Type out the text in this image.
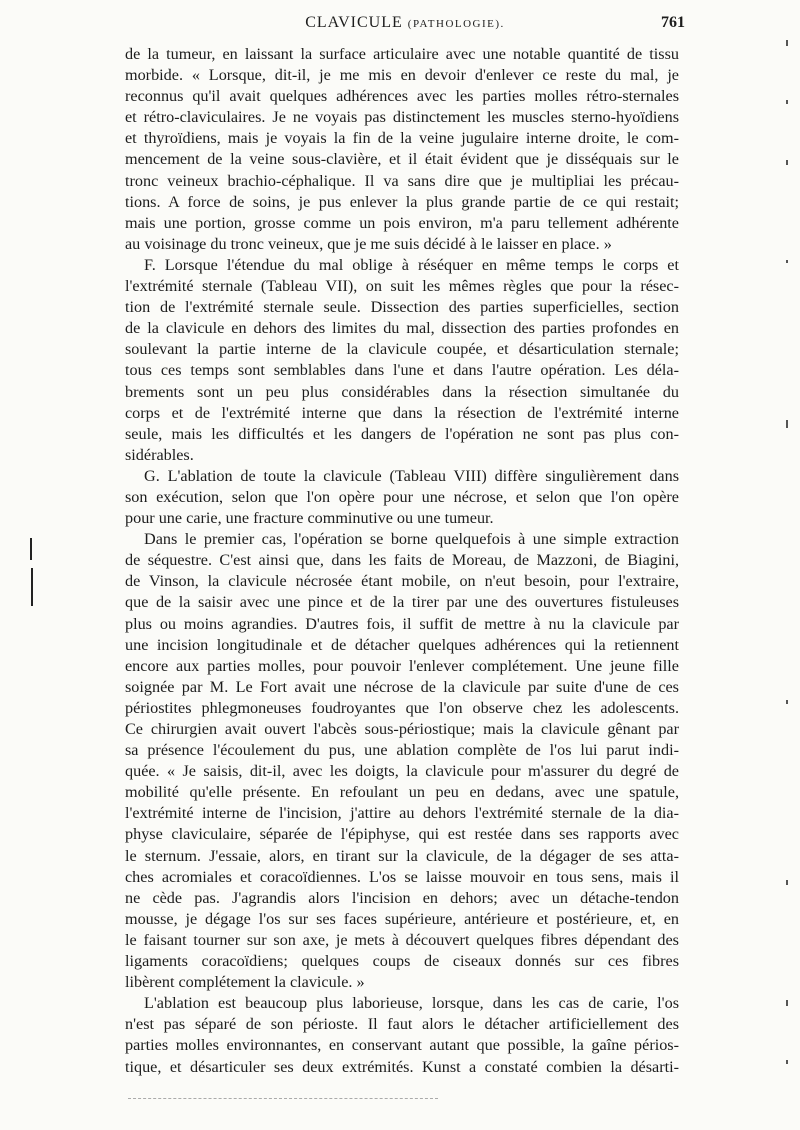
CLAVICULE (PATHOLOGIE).	761
de la tumeur, en laissant la surface articulaire avec une notable quantité de tissu
morbide. « Lorsque, dit-il, je me mis en devoir d'enlever ce reste du mal, je
reconnus qu'il avait quelques adhérences avec les parties molles rétro-sternales
et rétro-claviculaires. Je ne voyais pas distinctement les muscles sterno-hyoïdiens
et thyroïdiens, mais je voyais la fin de la veine jugulaire interne droite, le com-
mencement de la veine sous-clavière, et il était évident que je disséquais sur le
tronc veineux brachio-céphalique. Il va sans dire que je multipliai les précau-
tions. A force de soins, je pus enlever la plus grande partie de ce qui restait;
mais une portion, grosse comme un pois environ, m'a paru tellement adhérente
au voisinage du tronc veineux, que je me suis décidé à le laisser en place. »
F. Lorsque l'étendue du mal oblige à réséquer en même temps le corps et
l'extrémité sternale (Tableau VII), on suit les mêmes règles que pour la résec-
tion de l'extrémité sternale seule. Dissection des parties superficielles, section
de la clavicule en dehors des limites du mal, dissection des parties profondes en
soulevant la partie interne de la clavicule coupée, et désarticulation sternale;
tous ces temps sont semblables dans l'une et dans l'autre opération. Les déla-
brements sont un peu plus considérables dans la résection simultanée du
corps et de l'extrémité interne que dans la résection de l'extrémité interne
seule, mais les difficultés et les dangers de l'opération ne sont pas plus con-
sidérables.
G. L'ablation de toute la clavicule (Tableau VIII) diffère singulièrement dans
son exécution, selon que l'on opère pour une nécrose, et selon que l'on opère
pour une carie, une fracture comminutive ou une tumeur.
Dans le premier cas, l'opération se borne quelquefois à une simple extraction
de séquestre. C'est ainsi que, dans les faits de Moreau, de Mazzoni, de Biagini,
de Vinson, la clavicule nécrosée étant mobile, on n'eut besoin, pour l'extraire,
que de la saisir avec une pince et de la tirer par une des ouvertures fistuleuses
plus ou moins agrandies. D'autres fois, il suffit de mettre à nu la clavicule par
une incision longitudinale et de détacher quelques adhérences qui la retiennent
encore aux parties molles, pour pouvoir l'enlever complétement. Une jeune fille
soignée par M. Le Fort avait une nécrose de la clavicule par suite d'une de ces
périostites phlegmoneuses foudroyantes que l'on observe chez les adolescents.
Ce chirurgien avait ouvert l'abcès sous-périostique; mais la clavicule gênant par
sa présence l'écoulement du pus, une ablation complète de l'os lui parut indi-
quée. « Je saisis, dit-il, avec les doigts, la clavicule pour m'assurer du degré de
mobilité qu'elle présente. En refoulant un peu en dedans, avec une spatule,
l'extrémité interne de l'incision, j'attire au dehors l'extrémité sternale de la dia-
physe claviculaire, séparée de l'épiphyse, qui est restée dans ses rapports avec
le sternum. J'essaie, alors, en tirant sur la clavicule, de la dégager de ses atta-
ches acromiales et coracoïdiennes. L'os se laisse mouvoir en tous sens, mais il
ne cède pas. J'agrandis alors l'incision en dehors; avec un détache-tendon
mousse, je dégage l'os sur ses faces supérieure, antérieure et postérieure, et, en
le faisant tourner sur son axe, je mets à découvert quelques fibres dépendant des
ligaments coracoïdiens; quelques coups de ciseaux donnés sur ces fibres
libèrent complétement la clavicule. »
L'ablation est beaucoup plus laborieuse, lorsque, dans les cas de carie, l'os
n'est pas séparé de son périoste. Il faut alors le détacher artificiellement des
parties molles environnantes, en conservant autant que possible, la gaîne périos-
tique, et désarticuler ses deux extrémités. Kunst a constaté combien la désarti-
